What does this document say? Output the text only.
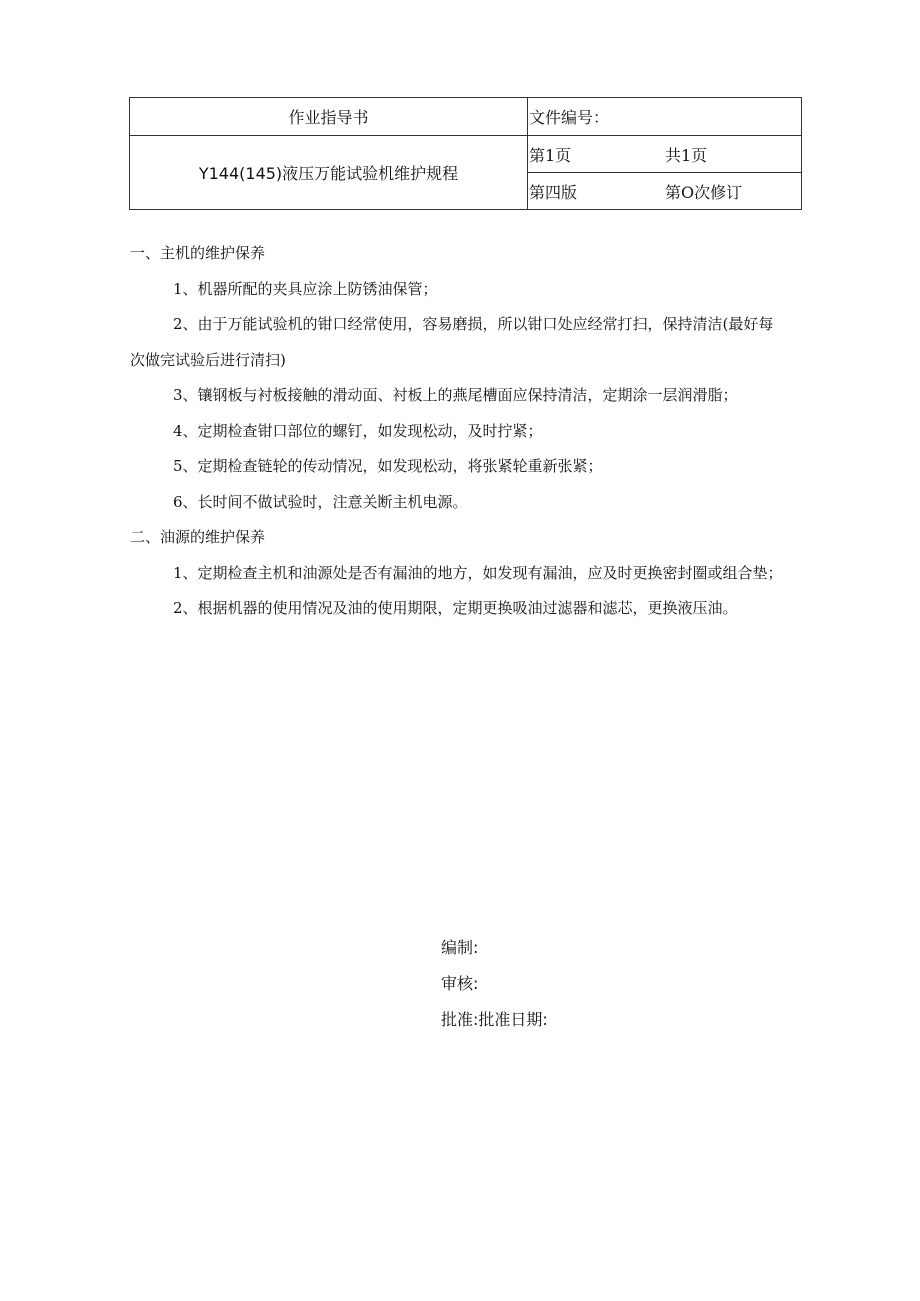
作业指导书	文件编号：
Y144(145)液压万能试验机维护规程	第1页 共1页
	第四版 第O次修订

一、主机的维护保养

1、机器所配的夹具应涂上防锈油保管；

2、由于万能试验机的钳口经常使用，容易磨损，所以钳口处应经常打扫，保持清洁(最好每

次做完试验后进行清扫)

3、镶钢板与衬板接触的滑动面、衬板上的燕尾槽面应保持清洁，定期涂一层润滑脂；

4、定期检查钳口部位的螺钉，如发现松动，及时拧紧；

5、定期检查链轮的传动情况，如发现松动，将张紧轮重新张紧；

6、长时间不做试验时，注意关断主机电源。

二、油源的维护保养

1、定期检查主机和油源处是否有漏油的地方，如发现有漏油，应及时更换密封圈或组合垫；

2、根据机器的使用情况及油的使用期限，定期更换吸油过滤器和滤芯，更换液压油。

编制:

审核:

批准:批准日期:
